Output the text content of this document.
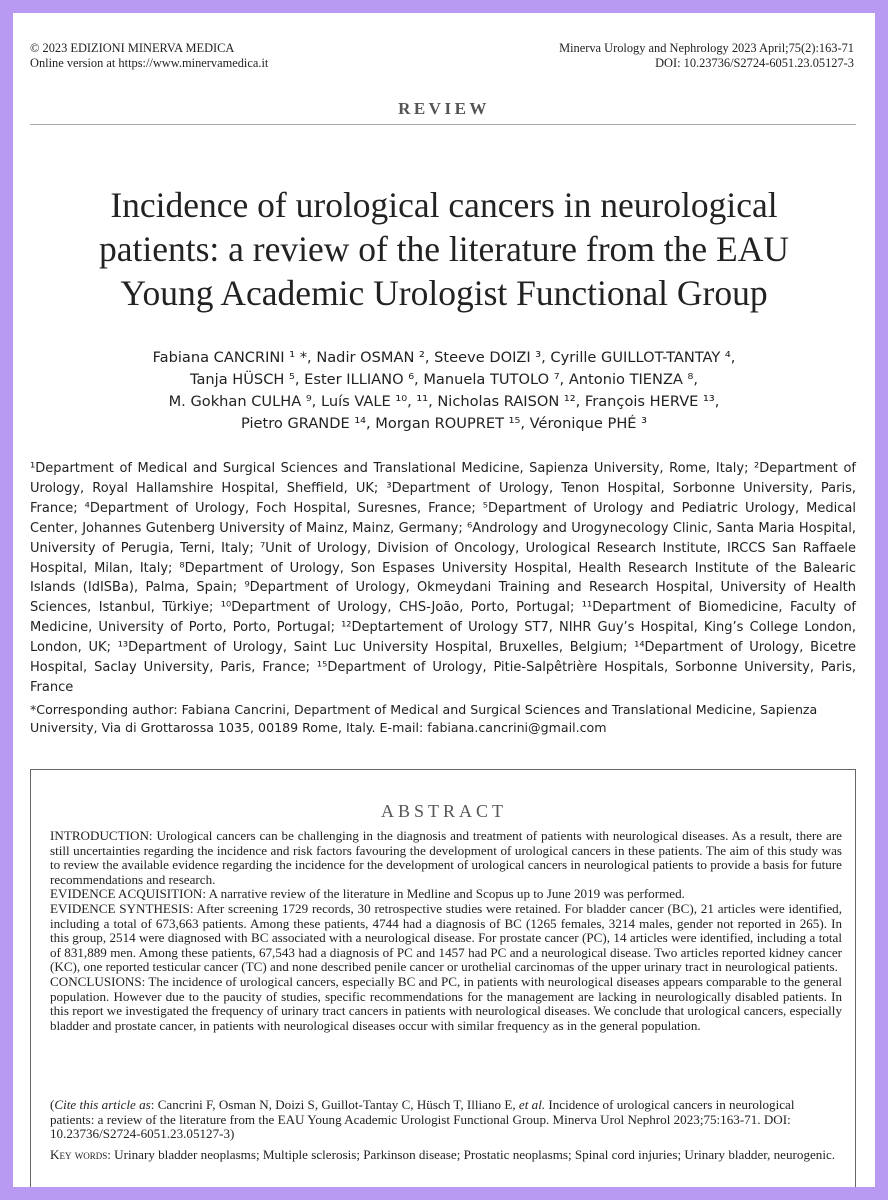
© 2023 EDIZIONI MINERVA MEDICA
Online version at https://www.minervamedica.it
Minerva Urology and Nephrology 2023 April;75(2):163-71
DOI: 10.23736/S2724-6051.23.05127-3
REVIEW
Incidence of urological cancers in neurological
patients: a review of the literature from the EAU
Young Academic Urologist Functional Group
Fabiana CANCRINI ¹ *, Nadir OSMAN ², Steeve DOIZI ³, Cyrille GUILLOT-TANTAY ⁴,
Tanja HÜSCH ⁵, Ester ILLIANO ⁶, Manuela TUTOLO ⁷, Antonio TIENZA ⁸,
M. Gokhan CULHA ⁹, Luís VALE ¹⁰, ¹¹, Nicholas RAISON ¹², François HERVE ¹³,
Pietro GRANDE ¹⁴, Morgan ROUPRET ¹⁵, Véronique PHÉ ³
¹Department of Medical and Surgical Sciences and Translational Medicine, Sapienza University, Rome, Italy; ²Department of Urology, Royal Hallamshire Hospital, Sheffield, UK; ³Department of Urology, Tenon Hospital, Sorbonne University, Paris, France; ⁴Department of Urology, Foch Hospital, Suresnes, France; ⁵Department of Urology and Pediatric Urology, Medical Center, Johannes Gutenberg University of Mainz, Mainz, Germany; ⁶Andrology and Urogynecology Clinic, Santa Maria Hospital, University of Perugia, Terni, Italy; ⁷Unit of Urology, Division of Oncology, Urological Research Institute, IRCCS San Raffaele Hospital, Milan, Italy; ⁸Department of Urology, Son Espases University Hospital, Health Research Institute of the Balearic Islands (IdISBa), Palma, Spain; ⁹Department of Urology, Okmeydani Training and Research Hospital, University of Health Sciences, Istanbul, Türkiye; ¹⁰Department of Urology, CHS-João, Porto, Portugal; ¹¹Department of Biomedicine, Faculty of Medicine, University of Porto, Porto, Portugal; ¹²Deptartement of Urology ST7, NIHR Guy’s Hospital, King’s College London, London, UK; ¹³Department of Urology, Saint Luc University Hospital, Bruxelles, Belgium; ¹⁴Department of Urology, Bicetre Hospital, Saclay University, Paris, France; ¹⁵Department of Urology, Pitie-Salpêtrière Hospitals, Sorbonne University, Paris, France
*Corresponding author: Fabiana Cancrini, Department of Medical and Surgical Sciences and Translational Medicine, Sapienza University, Via di Grottarossa 1035, 00189 Rome, Italy. E-mail: fabiana.cancrini@gmail.com
ABSTRACT

INTRODUCTION: Urological cancers can be challenging in the diagnosis and treatment of patients with neurological diseases. As a result, there are still uncertainties regarding the incidence and risk factors favouring the development of urological cancers in these patients. The aim of this study was to review the available evidence regarding the incidence for the development of urological cancers in neurological patients to provide a basis for future recommendations and research.

EVIDENCE ACQUISITION: A narrative review of the literature in Medline and Scopus up to June 2019 was performed.

EVIDENCE SYNTHESIS: After screening 1729 records, 30 retrospective studies were retained. For bladder cancer (BC), 21 articles were identified, including a total of 673,663 patients. Among these patients, 4744 had a diagnosis of BC (1265 females, 3214 males, gender not reported in 265). In this group, 2514 were diagnosed with BC associated with a neurological disease. For prostate cancer (PC), 14 articles were identified, including a total of 831,889 men. Among these patients, 67,543 had a diagnosis of PC and 1457 had PC and a neurological disease. Two articles reported kidney cancer (KC), one reported testicular cancer (TC) and none described penile cancer or urothelial carcinomas of the upper urinary tract in neurological patients.

CONCLUSIONS: The incidence of urological cancers, especially BC and PC, in patients with neurological diseases appears comparable to the general population. However due to the paucity of studies, specific recommendations for the management are lacking in neurologically disabled patients. In this report we investigated the frequency of urinary tract cancers in patients with neurological diseases. We conclude that urological cancers, especially bladder and prostate cancer, in patients with neurological diseases occur with similar frequency as in the general population.

(Cite this article as: Cancrini F, Osman N, Doizi S, Guillot-Tantay C, Hüsch T, Illiano E, et al. Incidence of urological cancers in neurological patients: a review of the literature from the EAU Young Academic Urologist Functional Group. Minerva Urol Nephrol 2023;75:163-71. DOI: 10.23736/S2724-6051.23.05127-3)
Key words: Urinary bladder neoplasms; Multiple sclerosis; Parkinson disease; Prostatic neoplasms; Spinal cord injuries; Urinary bladder, neurogenic.
